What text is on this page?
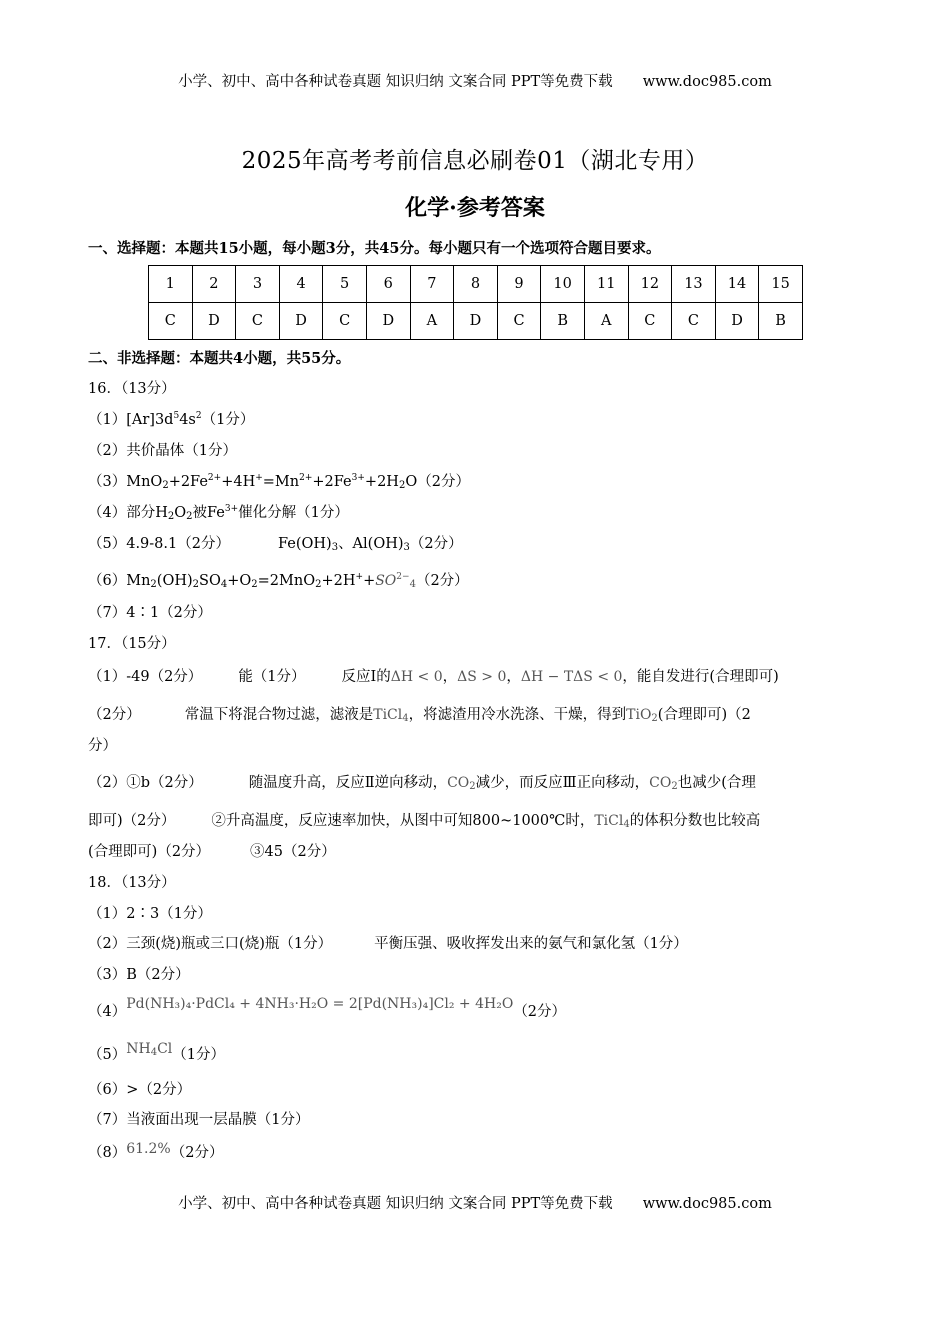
小学、初中、高中各种试卷真题 知识归纳 文案合同 PPT等免费下载 www.doc985.com
2025年高考考前信息必刷卷01（湖北专用）
化学·参考答案
一、选择题：本题共15小题，每小题3分，共45分。每小题只有一个选项符合题目要求。
1	2	3	4	5	6	7	8	9	10	11	12	13	14	15
C	D	C	D	C	D	A	D	C	B	A	C	C	D	B
二、非选择题：本题共4小题，共55分。
16．（13分）
$(1)[Ar]3d^54s^2(1$分）
（2）共价晶体（1分）
$(3)MnO_2+2Fe^{2+}+4H^+=Mn^{2+}+2Fe^{3+}+2H_2O(2$分）
（4）部分$H_2O_2$被$Fe^{3+}$催化分解（1分）
（5）4.9-8.1（2分）	$Fe(OH)_3$、$Al(OH)_3(2$分）
$(6)Mn_2(OH)_2SO_4+O_2=2MnO_2+2H^++SO^{2-}_4(2$分）
（7）4∶1（2分）
17．（15分）
（1）-49（2分） 能（1分） 反应Ⅰ的ΔH < 0，ΔS > 0，ΔH − TΔS < 0，能自发进行(合理即可)
（2分）	常温下将混合物过滤，滤液是TiCl$_4$，将滤渣用冷水洗涤、干燥，得到TiO$_2$(合理即可)（2
分）
（2）①b（2分）	随温度升高，反应Ⅱ逆向移动，$CO_2$减少，而反应Ⅲ正向移动，$CO_2$也减少(合理
即可)（2分） ②升高温度，反应速率加快，从图中可知800~1000℃时，TiCl$_4$的体积分数也比较高
(合理即可)（2分）	③45（2分）
18．（13分）
（1）2∶3（1分）
（2）三颈(烧)瓶或三口(烧)瓶（1分）	平衡压强、吸收挥发出来的氨气和氯化氢（1分）
（3）B（2分）
（4）Pd(NH₃)₄·PdCl₄ + 4NH₃·H₂O = 2[Pd(NH₃)₄]Cl₂ + 4H₂O（2分）
$(5)NH_4Cl(1$分）
（6）>（2分）
（7）当液面出现一层晶膜（1分）
（8）61.2%（2分）
小学、初中、高中各种试卷真题 知识归纳 文案合同 PPT等免费下载 www.doc985.com
